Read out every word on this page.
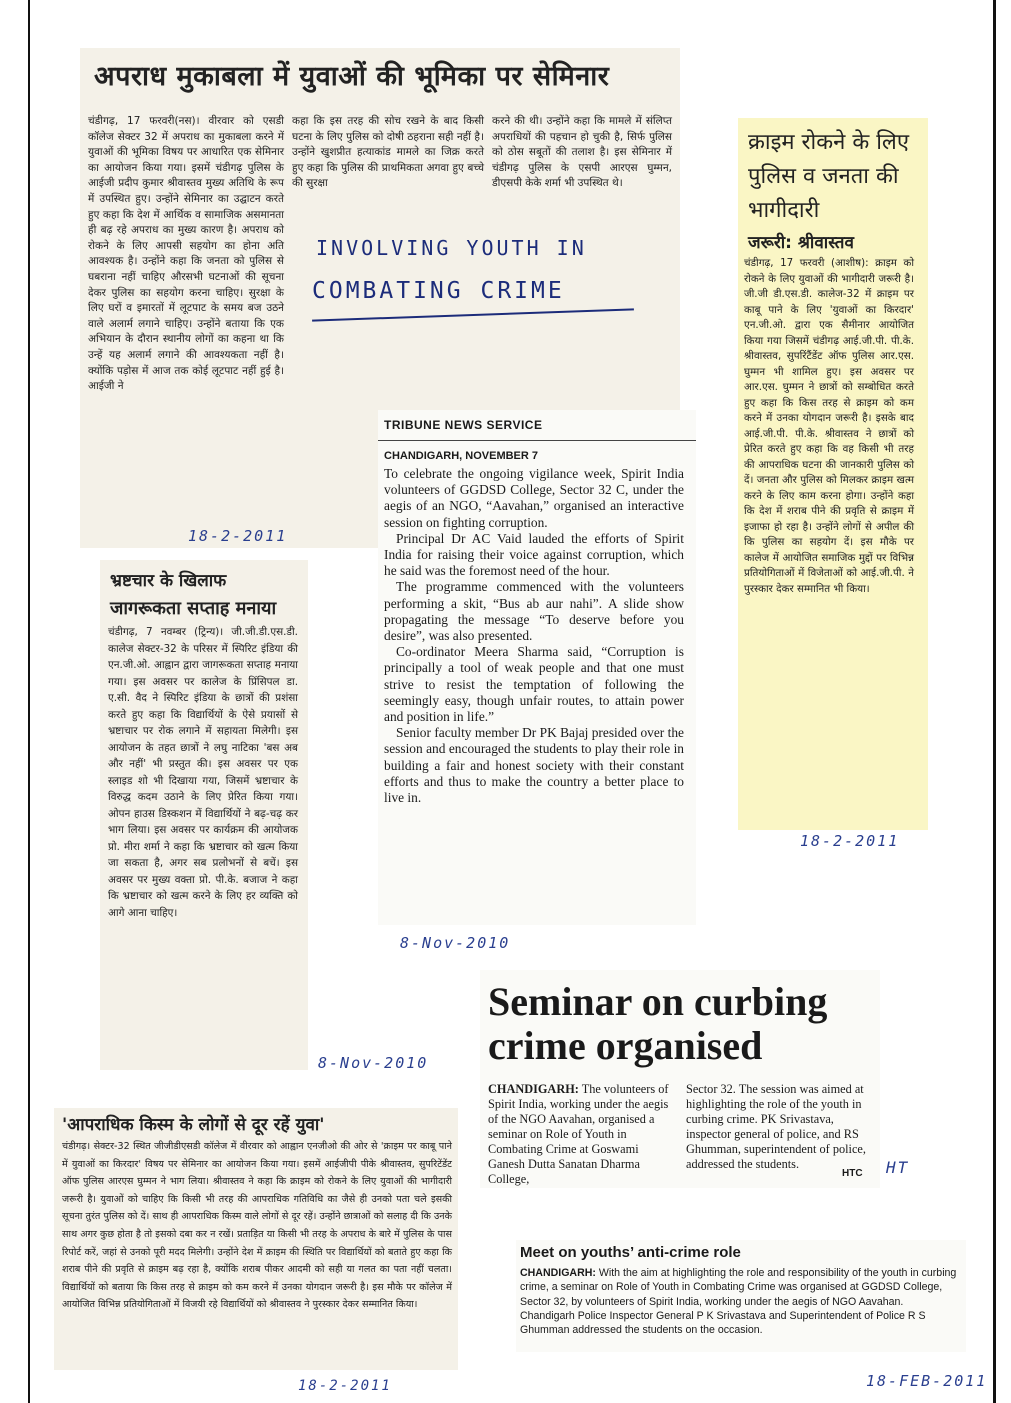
अपराध मुकाबला में युवाओं की भूमिका पर सेमिनार
चंडीगढ़, 17 फरवरी(नस)। वीरवार को एसडी कॉलेज सेक्टर 32 में अपराध का मुकाबला करने में युवाओं की भूमिका विषय पर आधारित एक सेमिनार का आयोजन किया गया। इसमें चंडीगढ़ पुलिस के आईजी प्रदीप कुमार श्रीवास्तव मुख्य अतिथि के रूप में उपस्थित हुए। उन्होंने सेमिनार का उद्घाटन करते हुए कहा कि देश में आर्थिक व सामाजिक असमानता ही बढ़ रहे अपराध का मुख्य कारण है। अपराध को रोकने के लिए आपसी सहयोग का होना अति आवश्यक है। उन्होंने कहा कि जनता को पुलिस से घबराना नहीं चाहिए औरसभी घटनाओं की सूचना देकर पुलिस का सहयोग करना चाहिए। सुरक्षा के लिए घरों व इमारतों में लूटपाट के समय बज उठने वाले अलार्म लगाने चाहिए। उन्होंने बताया कि एक अभियान के दौरान स्थानीय लोगों का कहना था कि उन्हें यह अलार्म लगाने की आवश्यकता नहीं है। क्योंकि पड़ोस में आज तक कोई लूटपाट नहीं हुई है। आईजी ने
कहा कि इस तरह की सोच रखने के बाद किसी घटना के लिए पुलिस को दोषी ठहराना सही नहीं है। उन्होंने खुशप्रीत हत्याकांड मामले का जिक्र करते हुए कहा कि पुलिस की प्राथमिकता अगवा हुए बच्चे की सुरक्षा
करने की थी। उन्होंने कहा कि मामले में संलिप्त अपराधियों की पहचान हो चुकी है, सिर्फ पुलिस को ठोस सबूतों की तलाश है। इस सेमिनार में चंडीगढ़ पुलिस के एसपी आरएस घुम्मन, डीएसपी केके शर्मा भी उपस्थित थे।
18-2-2011
INVOLVING YOUTH IN
COMBATING CRIME
क्राइम रोकने के लिए पुलिस व जनता की भागीदारी
जरूरी: श्रीवास्तव
चंडीगढ़, 17 फरवरी (आशीष): क्राइम को रोकने के लिए युवाओं की भागीदारी जरूरी है। जी.जी डी.एस.डी. कालेज-32 में क्राइम पर काबू पाने के लिए 'युवाओं का किरदार' एन.जी.ओ. द्वारा एक सैमीनार आयोजित किया गया जिसमें चंडीगढ़ आई.जी.पी. पी.के. श्रीवास्तव, सुपरिंटैंडेंट ऑफ पुलिस आर.एस. घुम्मन भी शामिल हुए। इस अवसर पर आर.एस. घुम्मन ने छात्रों को सम्बोधित करते हुए कहा कि किस तरह से क्राइम को कम करने में उनका योगदान जरूरी है। इसके बाद आई.जी.पी. पी.के. श्रीवास्तव ने छात्रों को प्रेरित करते हुए कहा कि वह किसी भी तरह की आपराधिक घटना की जानकारी पुलिस को दें। जनता और पुलिस को मिलकर क्राइम खत्म करने के लिए काम करना होगा। उन्होंने कहा कि देश में शराब पीने की प्रवृति से क्राइम में इजाफा हो रहा है। उन्होंने लोगों से अपील की कि पुलिस का सहयोग दें। इस मौके पर कालेज में आयोजित समाजिक मुद्दों पर विभिन्न प्रतियोगिताओं में विजेताओं को आई.जी.पी. ने पुरस्कार देकर सम्मानित भी किया।
18-2-2011
TRIBUNE NEWS SERVICE
CHANDIGARH, NOVEMBER 7

To celebrate the ongoing vigilance week, Spirit India volunteers of GGDSD College, Sector 32 C, under the aegis of an NGO, “Aavahan,” organised an interactive session on fighting corruption.

Principal Dr AC Vaid lauded the efforts of Spirit India for raising their voice against corruption, which he said was the foremost need of the hour.

The programme commenced with the volunteers performing a skit, “Bus ab aur nahi”. A slide show propagating the message “To deserve before you desire”, was also presented.

Co-ordinator Meera Sharma said, “Corruption is principally a tool of weak people and that one must strive to resist the temptation of following the seemingly easy, though unfair routes, to attain power and position in life.”

Senior faculty member Dr PK Bajaj presided over the session and encouraged the students to play their role in building a fair and honest society with their constant efforts and thus to make the country a better place to live in.

8-Nov-2010
भ्रष्टचार के खिलाफ
जागरूकता सप्ताह मनाया
चंडीगढ़, 7 नवम्बर (ट्रिन्य)। जी.जी.डी.एस.डी. कालेज सेक्टर-32 के परिसर में स्पिरिट इंडिया की एन.जी.ओ. आह्वान द्वारा जागरूकता सप्ताह मनाया गया। इस अवसर पर कालेज के प्रिंसिपल डा. ए.सी. वैद ने स्पिरिट इंडिया के छात्रों की प्रशंसा करते हुए कहा कि विद्यार्थियों के ऐसे प्रयासों से भ्रष्टाचार पर रोक लगाने में सहायता मिलेगी। इस आयोजन के तहत छात्रों ने लघु नाटिका 'बस अब और नहीं' भी प्रस्तुत की। इस अवसर पर एक स्लाइड शो भी दिखाया गया, जिसमें भ्रष्टाचार के विरुद्ध कदम उठाने के लिए प्रेरित किया गया। ओपन हाउस डिस्कशन में विद्यार्थियों ने बढ़-चढ़ कर भाग लिया। इस अवसर पर कार्यक्रम की आयोजक प्रो. मीरा शर्मा ने कहा कि भ्रष्टाचार को खत्म किया जा सकता है, अगर सब प्रलोभनों से बचें। इस अवसर पर मुख्य वक्ता प्रो. पी.के. बजाज ने कहा कि भ्रष्टाचार को खत्म करने के लिए हर व्यक्ति को आगे आना चाहिए।
8-Nov-2010
Seminar on curbing crime organised
CHANDIGARH: The volunteers of Spirit India, working under the aegis of the NGO Aavahan, organised a seminar on Role of Youth in Combating Crime at Goswami Ganesh Dutta Sanatan Dharma College,
Sector 32. The session was aimed at highlighting the role of the youth in curbing crime. PK Srivastava, inspector general of police, and RS Ghumman, superintendent of police, addressed the students.
HTC HT
Meet on youths’ anti-crime role
CHANDIGARH: With the aim at highlighting the role and responsibility of the youth in curbing crime, a seminar on Role of Youth in Combating Crime was organised at GGDSD College, Sector 32, by volunteers of Spirit India, working under the aegis of NGO Aavahan. Chandigarh Police Inspector General P K Srivastava and Superintendent of Police R S Ghumman addressed the students on the occasion.
18-FEB-2011
'आपराधिक किस्म के लोगों से दूर रहें युवा'
चंडीगढ़। सेक्टर-32 स्थित जीजीडीएसडी कॉलेज में वीरवार को आह्वान एनजीओ की ओर से 'क्राइम पर काबू पाने में युवाओं का किरदार' विषय पर सेमिनार का आयोजन किया गया। इसमें आईजीपी पीके श्रीवास्तव, सुपरिटेंडेंट ऑफ पुलिस आरएस घुम्मन ने भाग लिया। श्रीवास्तव ने कहा कि क्राइम को रोकने के लिए युवाओं की भागीदारी जरूरी है। युवाओं को चाहिए कि किसी भी तरह की आपराधिक गतिविधि का जैसे ही उनको पता चले इसकी सूचना तुरंत पुलिस को दें। साथ ही आपराधिक किस्म वाले लोगों से दूर रहें। उन्होंने छात्राओं को सलाह दी कि उनके साथ अगर कुछ होता है तो इसको दबा कर न रखें। प्रताड़ित या किसी भी तरह के अपराध के बारे में पुलिस के पास रिपोर्ट करें, जहां से उनको पूरी मदद मिलेगी। उन्होंने देश में क्राइम की स्थिति पर विद्यार्थियों को बताते हुए कहा कि शराब पीने की प्रवृति से क्राइम बढ़ रहा है, क्योंकि शराब पीकर आदमी को सही या गलत का पता नहीं चलता। विद्यार्थियों को बताया कि किस तरह से क्राइम को कम करने में उनका योगदान जरूरी है। इस मौके पर कॉलेज में आयोजित विभिन्न प्रतियोगिताओं में विजयी रहे विद्यार्थियों को श्रीवास्तव ने पुरस्कार देकर सम्मानित किया।
18-2-2011
